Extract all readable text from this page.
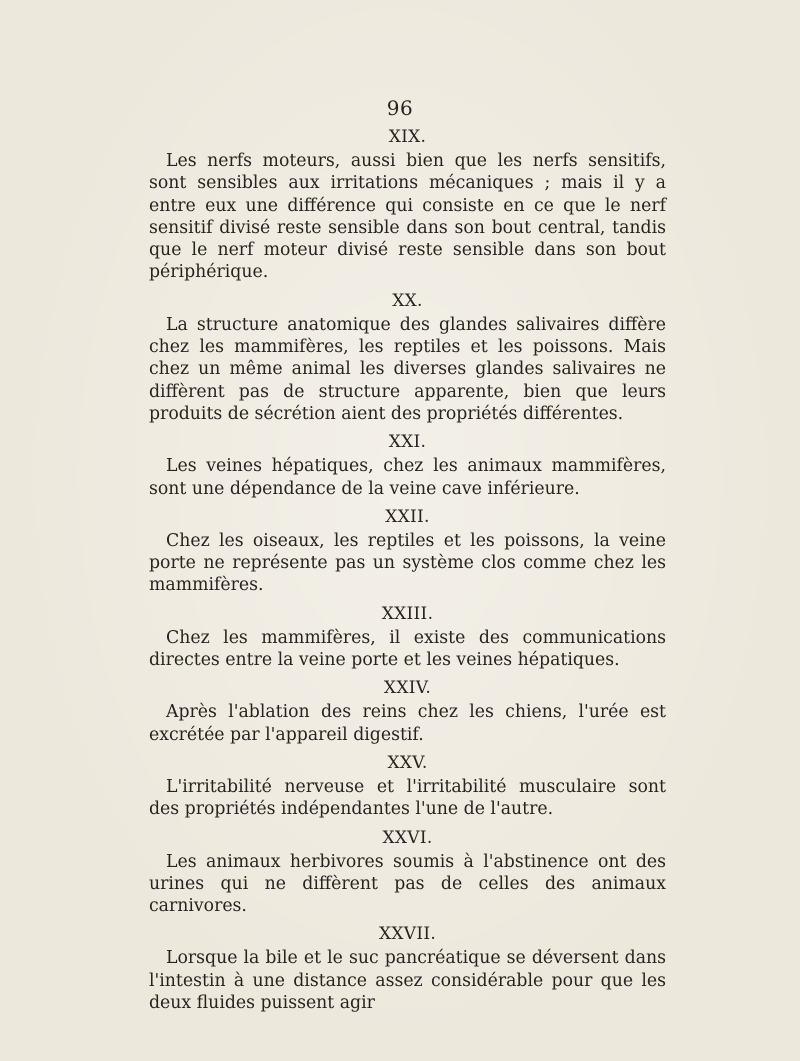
96
XIX.

Les nerfs moteurs, aussi bien que les nerfs sensitifs, sont sensibles aux irritations mécaniques ; mais il y a entre eux une différence qui consiste en ce que le nerf sensitif divisé reste sensible dans son bout central, tandis que le nerf moteur divisé reste sensible dans son bout périphérique.

XX.

La structure anatomique des glandes salivaires diffère chez les mammifères, les reptiles et les poissons. Mais chez un même animal les diverses glandes salivaires ne diffèrent pas de structure apparente, bien que leurs produits de sécrétion aient des propriétés différentes.

XXI.

Les veines hépatiques, chez les animaux mammifères, sont une dépendance de la veine cave inférieure.

XXII.

Chez les oiseaux, les reptiles et les poissons, la veine porte ne représente pas un système clos comme chez les mammifères.

XXIII.

Chez les mammifères, il existe des communications directes entre la veine porte et les veines hépatiques.

XXIV.

Après l'ablation des reins chez les chiens, l'urée est excrétée par l'appareil digestif.

XXV.

L'irritabilité nerveuse et l'irritabilité musculaire sont des propriétés indépendantes l'une de l'autre.

XXVI.

Les animaux herbivores soumis à l'abstinence ont des urines qui ne diffèrent pas de celles des animaux carnivores.

XXVII.

Lorsque la bile et le suc pancréatique se déversent dans l'intestin à une distance assez considérable pour que les deux fluides puissent agir
